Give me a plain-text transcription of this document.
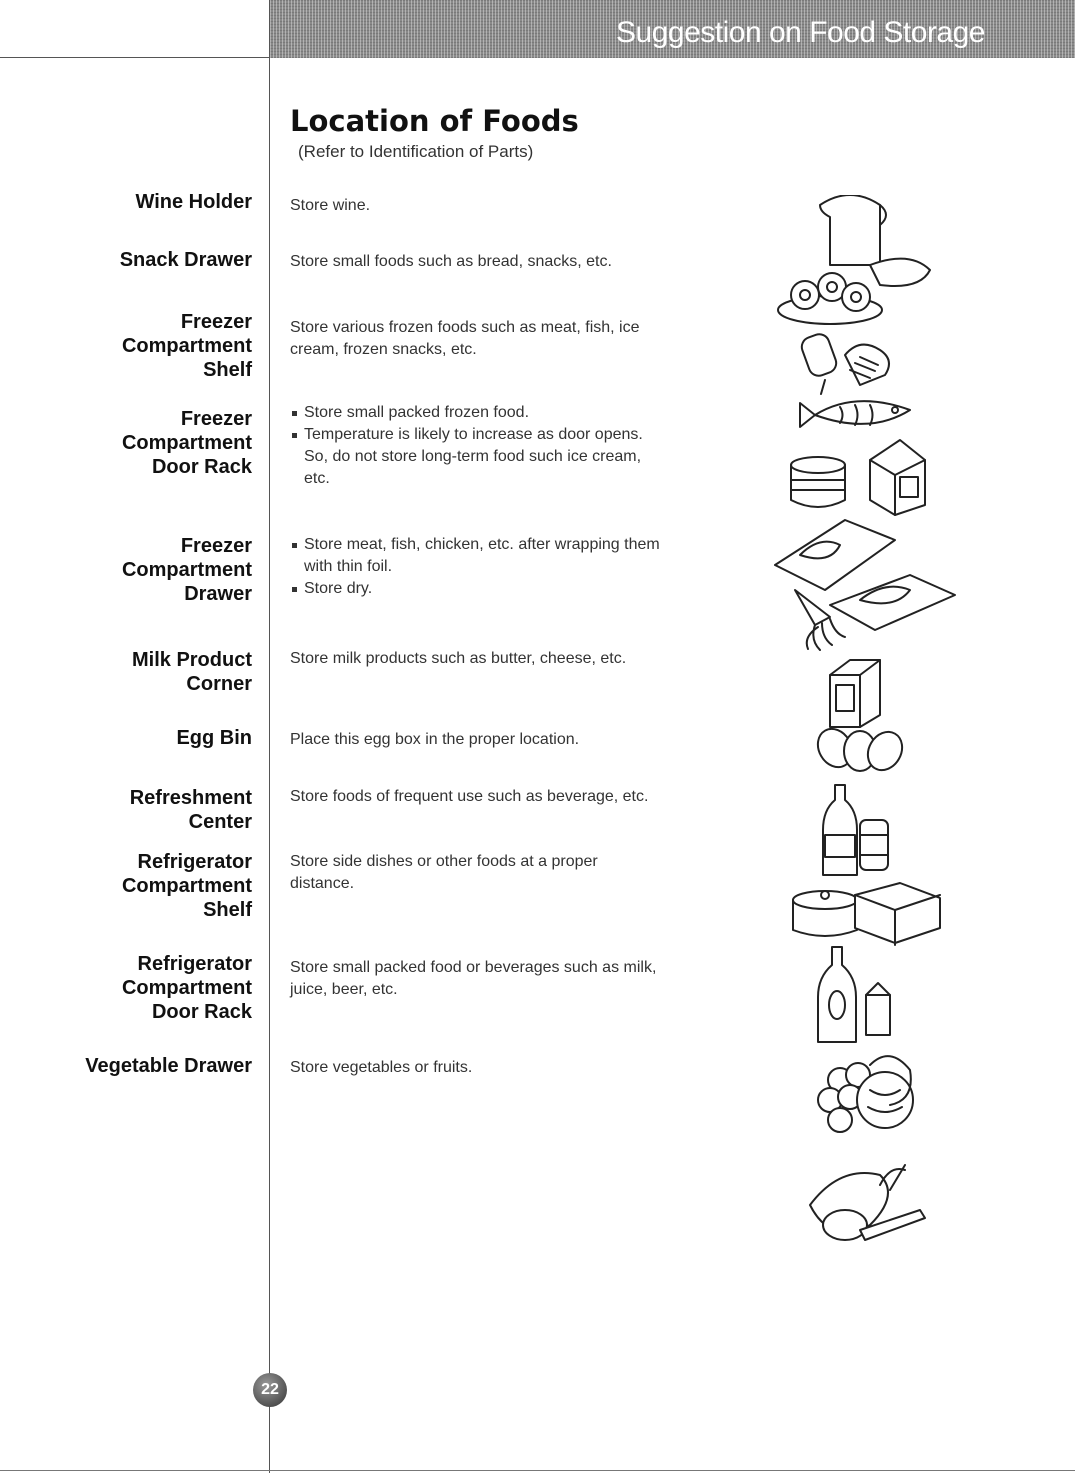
Suggestion on Food Storage
Location of Foods
(Refer to Identification of Parts)
Wine Holder
Snack Drawer
Freezer
Compartment
Shelf
Freezer
Compartment
Door Rack
Freezer
Compartment
Drawer
Milk Product
Corner
Egg Bin
Refreshment
Center
Refrigerator
Compartment
Shelf
Refrigerator
Compartment
Door Rack
Vegetable Drawer
Store wine.
Store small foods such as bread, snacks, etc.
Store various frozen foods such as meat, fish, ice cream, frozen snacks, etc.
Store small packed frozen food.
Temperature is likely to increase as door opens. So, do not store long-term food such ice cream, etc.
Store meat, fish, chicken, etc. after wrapping them with thin foil.
Store dry.
Store milk products such as butter, cheese, etc.
Place this egg box in the proper location.
Store foods of frequent use such as beverage, etc.
Store side dishes or other foods at a proper distance.
Store small packed food or beverages such as milk, juice, beer, etc.
Store vegetables or fruits.
22
